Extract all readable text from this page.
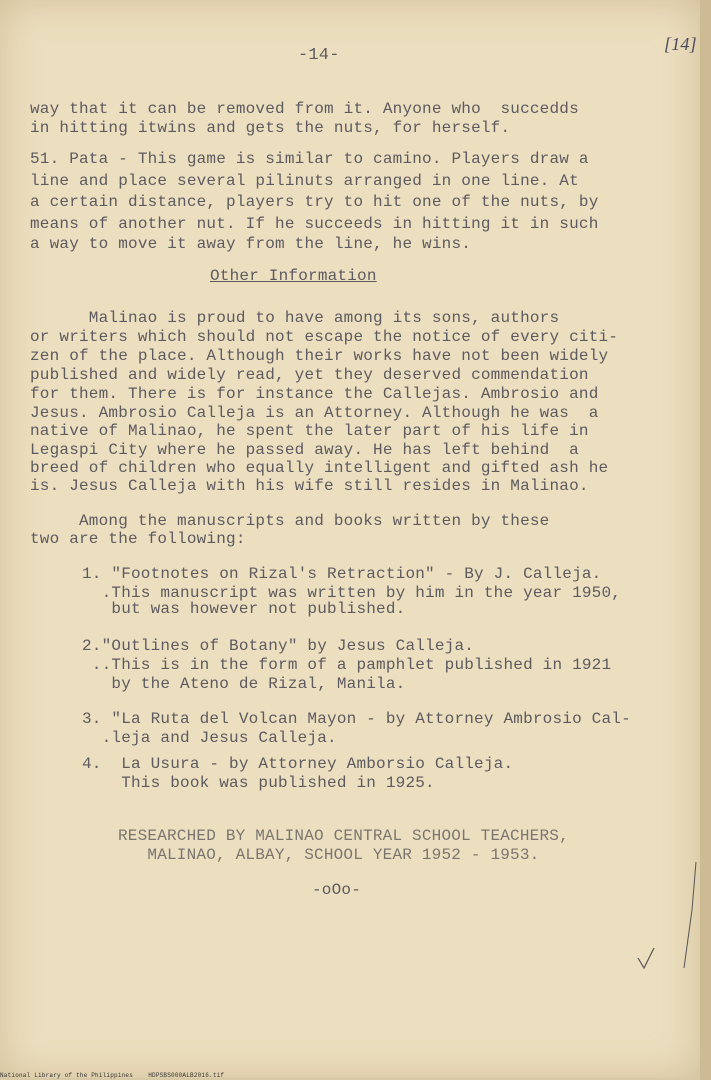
-14-
[14]
way that it can be removed from it. Anyone who  succedds
in hitting itwins and gets the nuts, for herself.
51. Pata - This game is similar to camino. Players draw a
line and place several pilinuts arranged in one line. At
a certain distance, players try to hit one of the nuts, by
means of another nut. If he succeeds in hitting it in such
a way to move it away from the line, he wins.
Other Information
Malinao is proud to have among its sons, authors
or writers which should not escape the notice of every citi-
zen of the place. Although their works have not been widely
published and widely read, yet they deserved commendation
for them. There is for instance the Callejas. Ambrosio and
Jesus. Ambrosio Calleja is an Attorney. Although he was  a
native of Malinao, he spent the later part of his life in
Legaspi City where he passed away. He has left behind  a
breed of children who equally intelligent and gifted ash he
is. Jesus Calleja with his wife still resides in Malinao.
Among the manuscripts and books written by these
two are the following:
1. "Footnotes on Rizal's Retraction" - By J. Calleja.
.This manuscript was written by him in the year 1950,
but was however not published.
2."Outlines of Botany" by Jesus Calleja.
..This is in the form of a pamphlet published in 1921
by the Ateno de Rizal, Manila.
3. "La Ruta del Volcan Mayon - by Attorney Ambrosio Cal-
.leja and Jesus Calleja.
4.  La Usura - by Attorney Amborsio Calleja.
This book was published in 1925.
RESEARCHED BY MALINAO CENTRAL SCHOOL TEACHERS,
MALINAO, ALBAY, SCHOOL YEAR 1952 - 1953.
-oOo-
National Library of the Philippines    HDPSBS000ALB2016.tif
